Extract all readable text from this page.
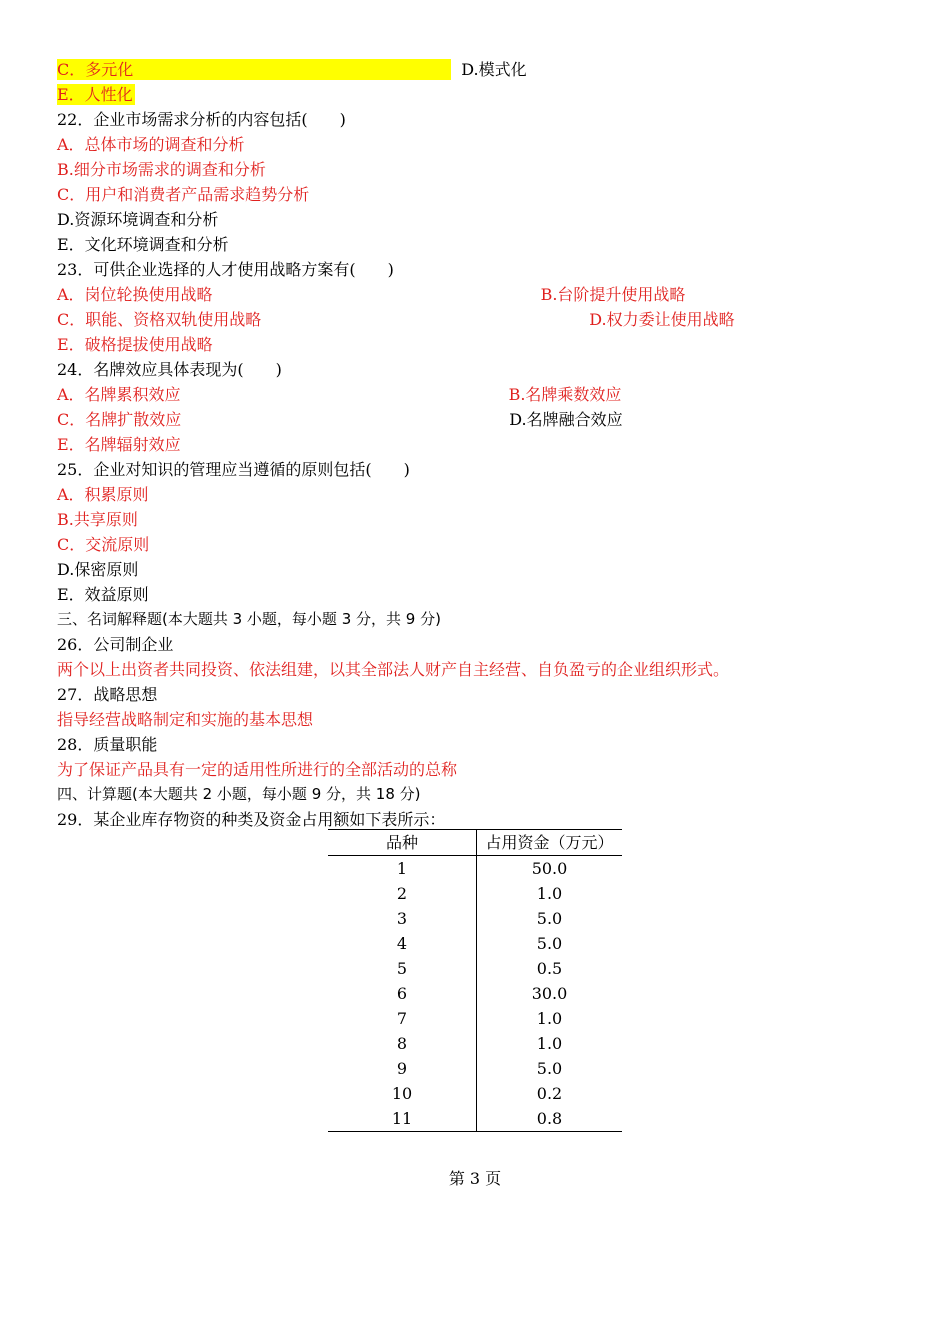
C．多元化	D.模式化
E．人性化
22．企业市场需求分析的内容包括(　　)
A．总体市场的调查和分析
B.细分市场需求的调查和分析
C．用户和消费者产品需求趋势分析
D.资源环境调查和分析
E．文化环境调查和分析
23．可供企业选择的人才使用战略方案有(　　)
A．岗位轮换使用战略	B.台阶提升使用战略
C．职能、资格双轨使用战略	D.权力委让使用战略
E．破格提拔使用战略
24．名牌效应具体表现为(　　)
A．名牌累积效应	B.名牌乘数效应
C．名牌扩散效应	D.名牌融合效应
E．名牌辐射效应
25．企业对知识的管理应当遵循的原则包括(　　)
A．积累原则
B.共享原则
C．交流原则
D.保密原则
E．效益原则
三、名词解释题(本大题共 3 小题，每小题 3 分，共 9 分)
26．公司制企业
两个以上出资者共同投资、依法组建，以其全部法人财产自主经营、自负盈亏的企业组织形式。
27．战略思想
指导经营战略制定和实施的基本思想
28．质量职能
为了保证产品具有一定的适用性所进行的全部活动的总称
四、计算题(本大题共 2 小题，每小题 9 分，共 18 分)
29．某企业库存物资的种类及资金占用额如下表所示：
品种	占用资金（万元）
1	50.0
2	1.0
3	5.0
4	5.0
5	0.5
6	30.0
7	1.0
8	1.0
9	5.0
10	0.2
11	0.8
第 3 页
